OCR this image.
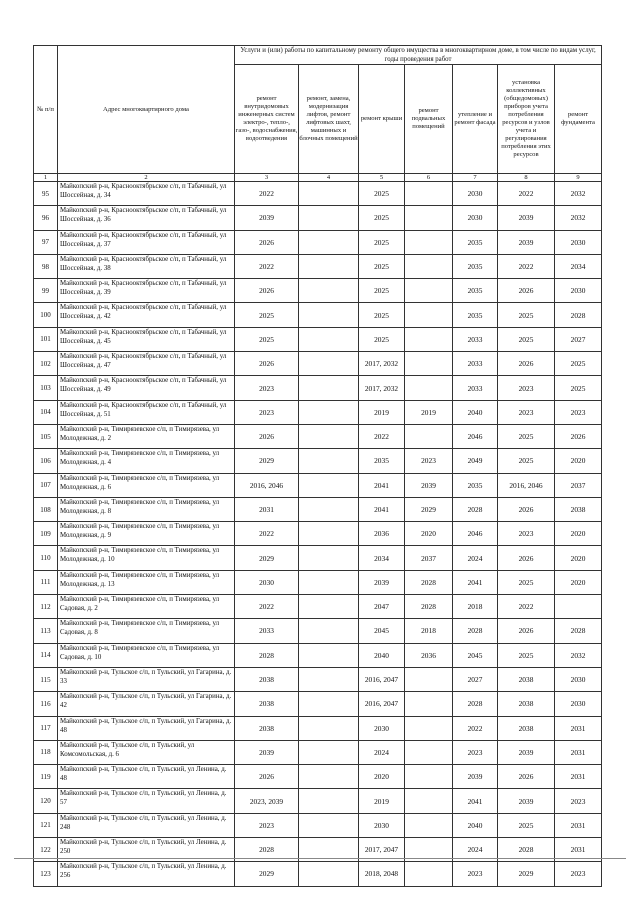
№ п/п	Адрес многоквартирного дома	Услуги и (или) работы по капитальному ремонту общего имущества в многоквартирном доме, в том числе по видам услуг, годы проведения работ						
		ремонт внутридомовых инженерных систем электро-, тепло-, газо-, водоснабжения, водоотведения	ремонт, замена, модернизация лифтов, ремонт лифтовых шахт, машинных и блочных помещений	ремонт крыши	ремонт подвальных помещений	утепление и ремонт фасада	установка коллективных (общедомовых) приборов учета потребления ресурсов и узлов учета и регулирования потребления этих ресурсов	ремонт фундамента
1	2	3	4	5	6	7	8	9
95	Майкопский р-н, Краснооктябрьское с/п, п Табачный, ул Шоссейная, д. 34	2022		2025		2030	2022	2032
96	Майкопский р-н, Краснооктябрьское с/п, п Табачный, ул Шоссейная, д. 36	2039		2025		2030	2039	2032
97	Майкопский р-н, Краснооктябрьское с/п, п Табачный, ул Шоссейная, д. 37	2026		2025		2035	2039	2030
98	Майкопский р-н, Краснооктябрьское с/п, п Табачный, ул Шоссейная, д. 38	2022		2025		2035	2022	2034
99	Майкопский р-н, Краснооктябрьское с/п, п Табачный, ул Шоссейная, д. 39	2026		2025		2035	2026	2030
100	Майкопский р-н, Краснооктябрьское с/п, п Табачный, ул Шоссейная, д. 42	2025		2025		2035	2025	2028
101	Майкопский р-н, Краснооктябрьское с/п, п Табачный, ул Шоссейная, д. 45	2025		2025		2033	2025	2027
102	Майкопский р-н, Краснооктябрьское с/п, п Табачный, ул Шоссейная, д. 47	2026		2017, 2032		2033	2026	2025
103	Майкопский р-н, Краснооктябрьское с/п, п Табачный, ул Шоссейная, д. 49	2023		2017, 2032		2033	2023	2025
104	Майкопский р-н, Краснооктябрьское с/п, п Табачный, ул Шоссейная, д. 51	2023		2019	2019	2040	2023	2023
105	Майкопский р-н, Тимирязевское с/п, п Тимирязева, ул Молодежная, д. 2	2026		2022		2046	2025	2026
106	Майкопский р-н, Тимирязевское с/п, п Тимирязева, ул Молодежная, д. 4	2029		2035	2023	2049	2025	2020
107	Майкопский р-н, Тимирязевское с/п, п Тимирязева, ул Молодежная, д. 6	2016, 2046		2041	2039	2035	2016, 2046	2037
108	Майкопский р-н, Тимирязевское с/п, п Тимирязева, ул Молодежная, д. 8	2031		2041	2029	2028	2026	2038
109	Майкопский р-н, Тимирязевское с/п, п Тимирязева, ул Молодежная, д. 9	2022		2036	2020	2046	2023	2020
110	Майкопский р-н, Тимирязевское с/п, п Тимирязева, ул Молодежная, д. 10	2029		2034	2037	2024	2026	2020
111	Майкопский р-н, Тимирязевское с/п, п Тимирязева, ул Молодежная, д. 13	2030		2039	2028	2041	2025	2020
112	Майкопский р-н, Тимирязевское с/п, п Тимирязева, ул Садовая, д. 2	2022		2047	2028	2018	2022	
113	Майкопский р-н, Тимирязевское с/п, п Тимирязева, ул Садовая, д. 8	2033		2045	2018	2028	2026	2028
114	Майкопский р-н, Тимирязевское с/п, п Тимирязева, ул Садовая, д. 10	2028		2040	2036	2045	2025	2032
115	Майкопский р-н, Тульское с/п, п Тульский, ул Гагарина, д. 33	2038		2016, 2047		2027	2038	2030
116	Майкопский р-н, Тульское с/п, п Тульский, ул Гагарина, д. 42	2038		2016, 2047		2028	2038	2030
117	Майкопский р-н, Тульское с/п, п Тульский, ул Гагарина, д. 48	2038		2030		2022	2038	2031
118	Майкопский р-н, Тульское с/п, п Тульский, ул Комсомольская, д. 6	2039		2024		2023	2039	2031
119	Майкопский р-н, Тульское с/п, п Тульский, ул Ленина, д. 48	2026		2020		2039	2026	2031
120	Майкопский р-н, Тульское с/п, п Тульский, ул Ленина, д. 57	2023, 2039		2019		2041	2039	2023
121	Майкопский р-н, Тульское с/п, п Тульский, ул Ленина, д. 248	2023		2030		2040	2025	2031
122	Майкопский р-н, Тульское с/п, п Тульский, ул Ленина, д. 250	2028		2017, 2047		2024	2028	2031
123	Майкопский р-н, Тульское с/п, п Тульский, ул Ленина, д. 256	2029		2018, 2048		2023	2029	2023
